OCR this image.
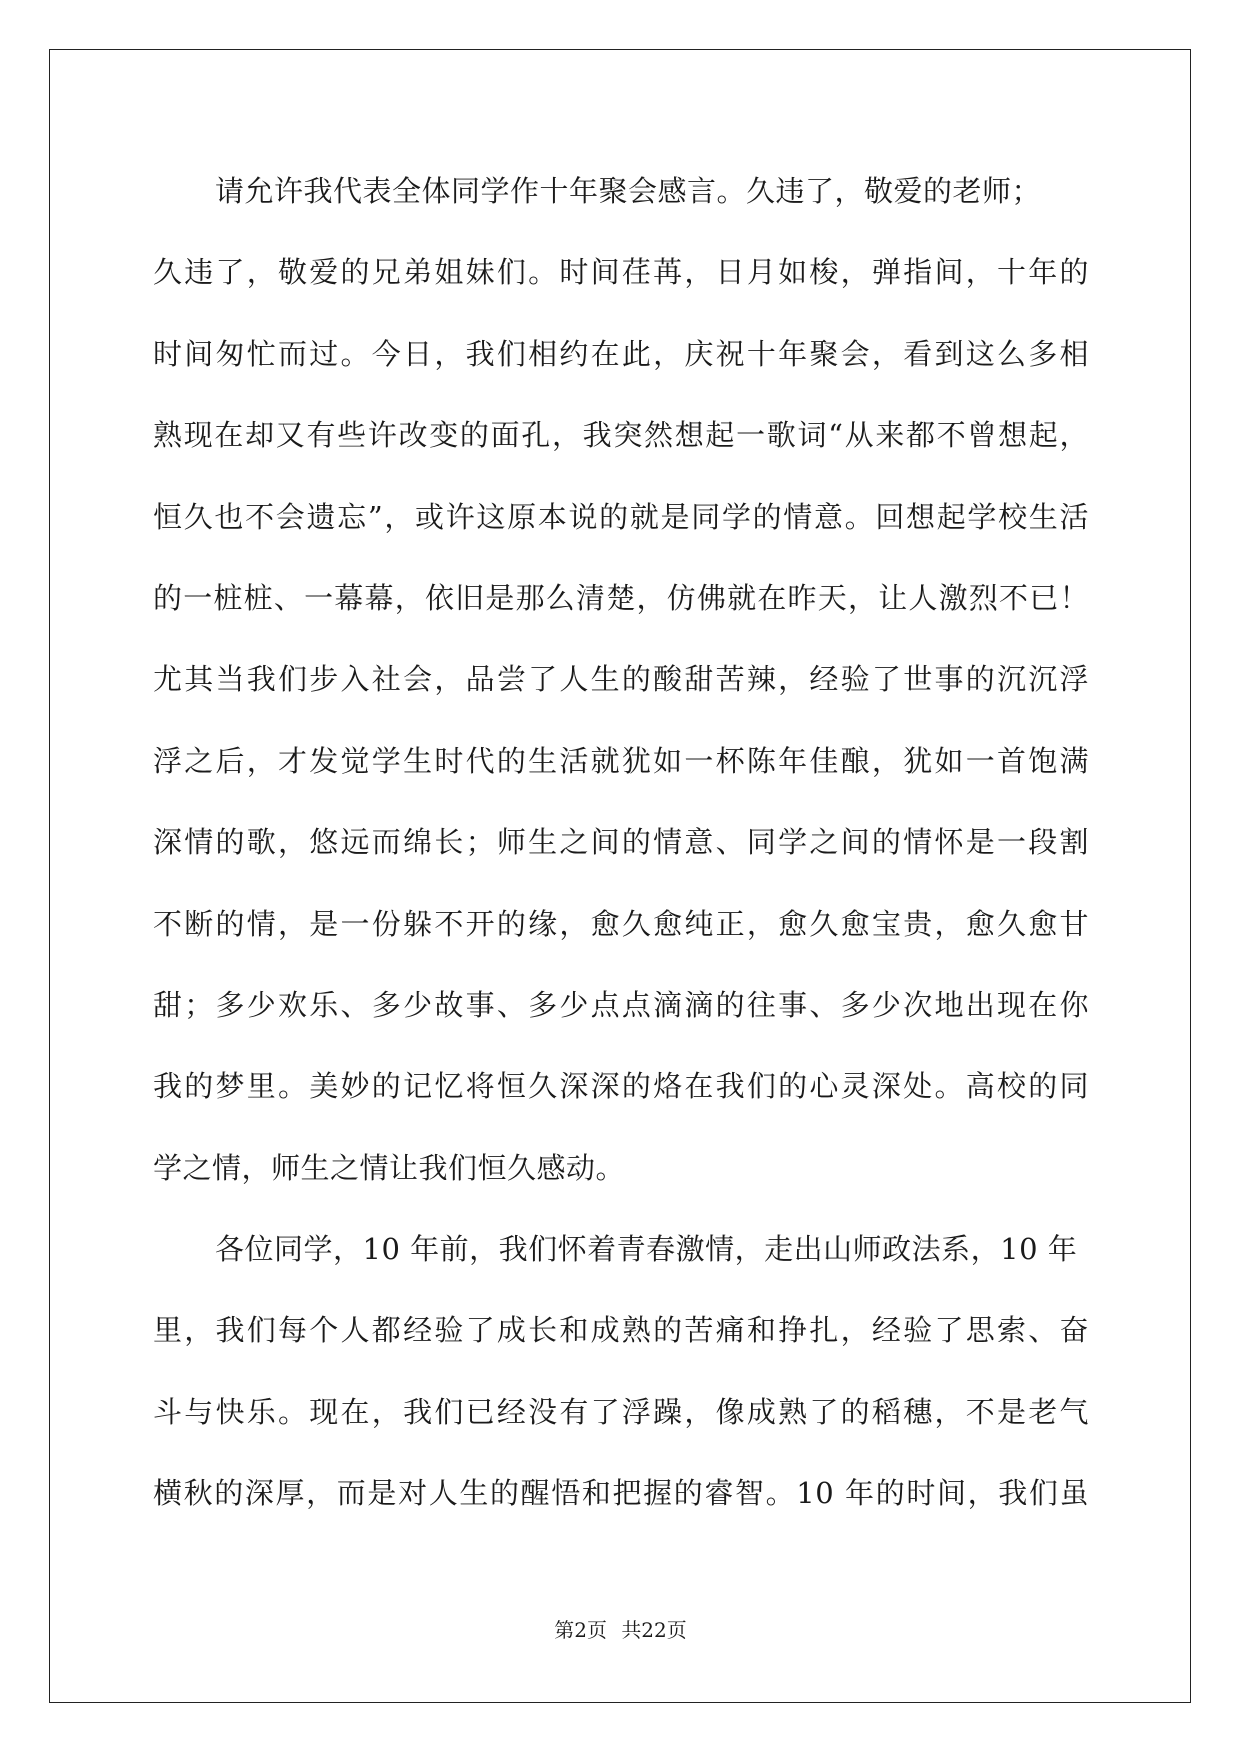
请允许我代表全体同学作十年聚会感言。久违了，敬爱的老师；
久违了，敬爱的兄弟姐妹们。时间荏苒，日月如梭，弹指间，十年的
时间匆忙而过。今日，我们相约在此，庆祝十年聚会，看到这么多相
熟现在却又有些许改变的面孔，我突然想起一歌词“从来都不曾想起，
恒久也不会遗忘”，或许这原本说的就是同学的情意。回想起学校生活
的一桩桩、一幕幕，依旧是那么清楚，仿佛就在昨天，让人激烈不已！
尤其当我们步入社会，品尝了人生的酸甜苦辣，经验了世事的沉沉浮
浮之后，才发觉学生时代的生活就犹如一杯陈年佳酿，犹如一首饱满
深情的歌，悠远而绵长；师生之间的情意、同学之间的情怀是一段割
不断的情，是一份躲不开的缘，愈久愈纯正，愈久愈宝贵，愈久愈甘
甜；多少欢乐、多少故事、多少点点滴滴的往事、多少次地出现在你
我的梦里。美妙的记忆将恒久深深的烙在我们的心灵深处。高校的同
学之情，师生之情让我们恒久感动。
各位同学，10 年前，我们怀着青春激情，走出山师政法系，10 年
里，我们每个人都经验了成长和成熟的苦痛和挣扎，经验了思索、奋
斗与快乐。现在，我们已经没有了浮躁，像成熟了的稻穗，不是老气
横秋的深厚，而是对人生的醒悟和把握的睿智。10 年的时间，我们虽
第2页 共22页
